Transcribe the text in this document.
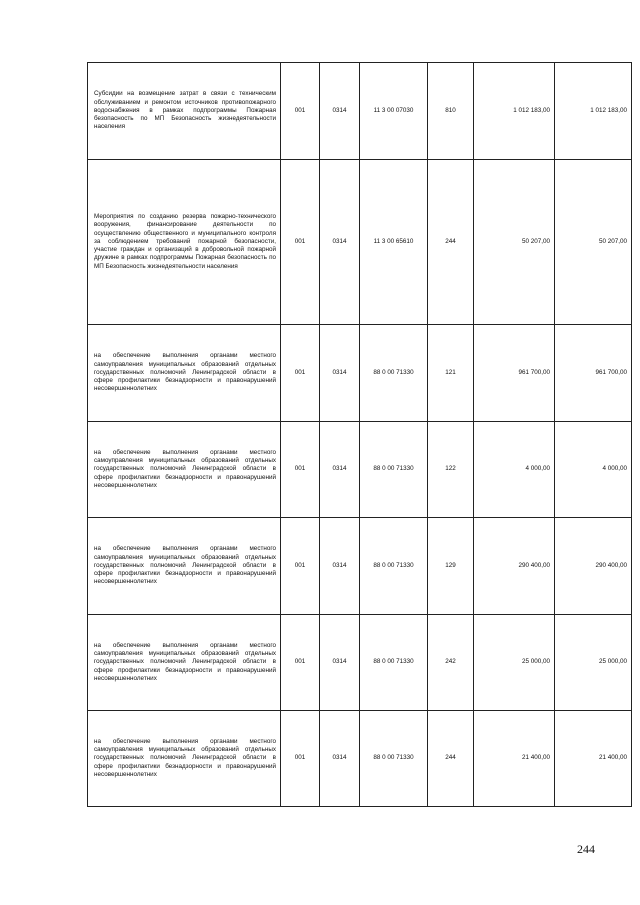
Субсидии на возмещение затрат в связи с техническим обслуживанием и ремонтом источников противопожарного водоснабжения в рамках подпрограммы Пожарная безопасность по МП Безопасность жизнедеятельности населения	001	0314	11 3 00 07030	810	1 012 183,00	1 012 183,00
Мероприятия по созданию резерва пожарно-технического вооружения, финансирование деятельности по осуществлению общественного и муниципального контроля за соблюдением требований пожарной безопасности, участие граждан и организаций в добровольной пожарной дружине в рамках подпрограммы Пожарная безопасность по МП Безопасность жизнедеятельности населения	001	0314	11 3 00 65610	244	50 207,00	50 207,00
на обеспечение выполнения органами местного самоуправления муниципальных образований отдельных государственных полномочий Ленинградской области в сфере профилактики безнадзорности и правонарушений несовершеннолетних	001	0314	88 0 00 71330	121	961 700,00	961 700,00
на обеспечение выполнения органами местного самоуправления муниципальных образований отдельных государственных полномочий Ленинградской области в сфере профилактики безнадзорности и правонарушений несовершеннолетних	001	0314	88 0 00 71330	122	4 000,00	4 000,00
на обеспечение выполнения органами местного самоуправления муниципальных образований отдельных государственных полномочий Ленинградской области в сфере профилактики безнадзорности и правонарушений несовершеннолетних	001	0314	88 0 00 71330	129	290 400,00	290 400,00
на обеспечение выполнения органами местного самоуправления муниципальных образований отдельных государственных полномочий Ленинградской области в сфере профилактики безнадзорности и правонарушений несовершеннолетних	001	0314	88 0 00 71330	242	25 000,00	25 000,00
на обеспечение выполнения органами местного самоуправления муниципальных образований отдельных государственных полномочий Ленинградской области в сфере профилактики безнадзорности и правонарушений несовершеннолетних	001	0314	88 0 00 71330	244	21 400,00	21 400,00
244
